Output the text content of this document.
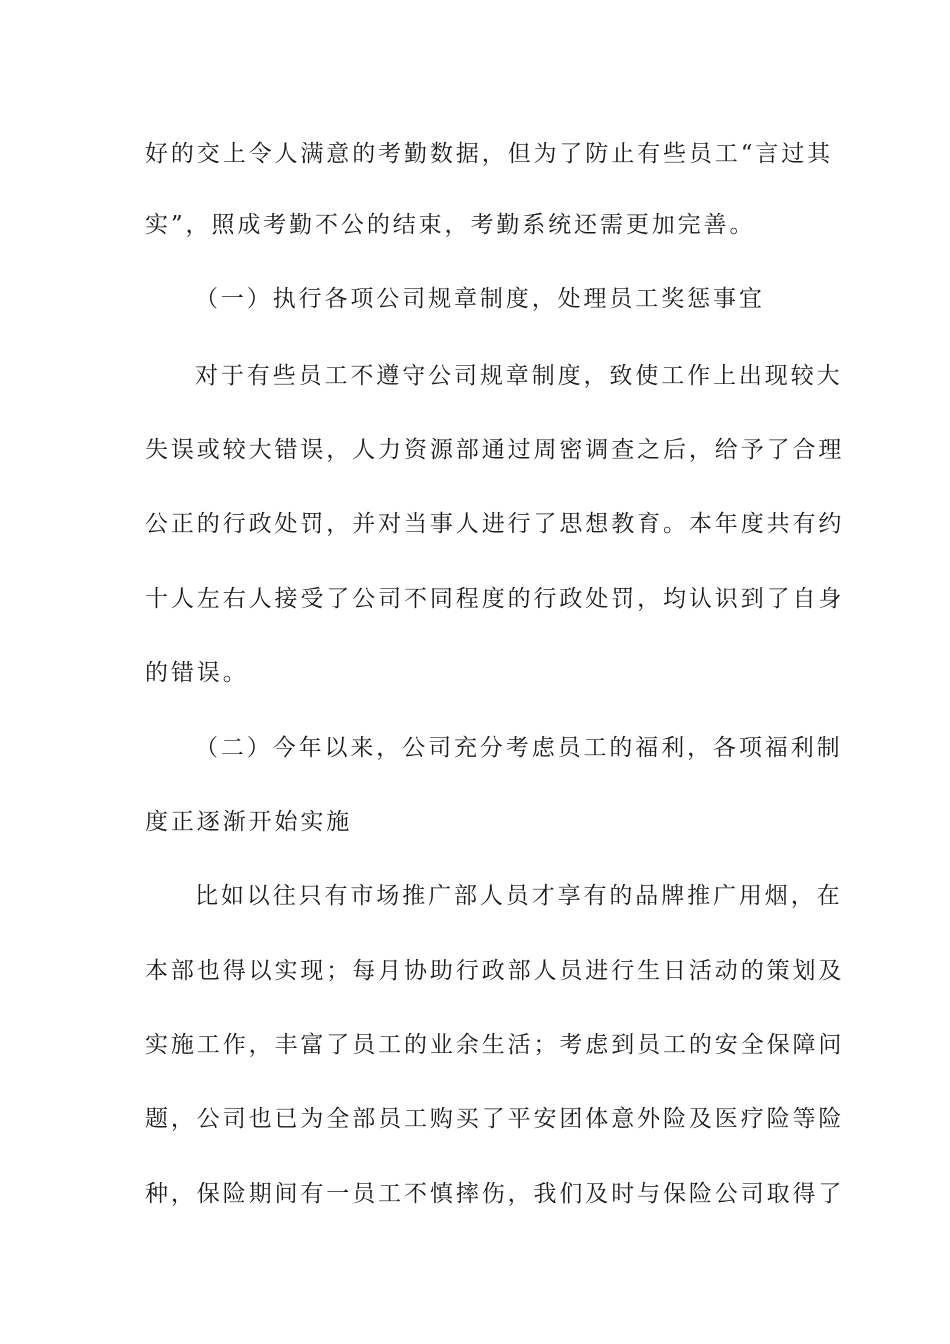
好的交上令人满意的考勤数据，但为了防止有些员工“言过其
实”，照成考勤不公的结束，考勤系统还需更加完善。
（一）执行各项公司规章制度，处理员工奖惩事宜
对于有些员工不遵守公司规章制度，致使工作上出现较大
失误或较大错误，人力资源部通过周密调查之后，给予了合理
公正的行政处罚，并对当事人进行了思想教育。本年度共有约
十人左右人接受了公司不同程度的行政处罚，均认识到了自身
的错误。
（二）今年以来，公司充分考虑员工的福利，各项福利制
度正逐渐开始实施
比如以往只有市场推广部人员才享有的品牌推广用烟，在
本部也得以实现；每月协助行政部人员进行生日活动的策划及
实施工作，丰富了员工的业余生活；考虑到员工的安全保障问
题，公司也已为全部员工购买了平安团体意外险及医疗险等险
种，保险期间有一员工不慎摔伤，我们及时与保险公司取得了
